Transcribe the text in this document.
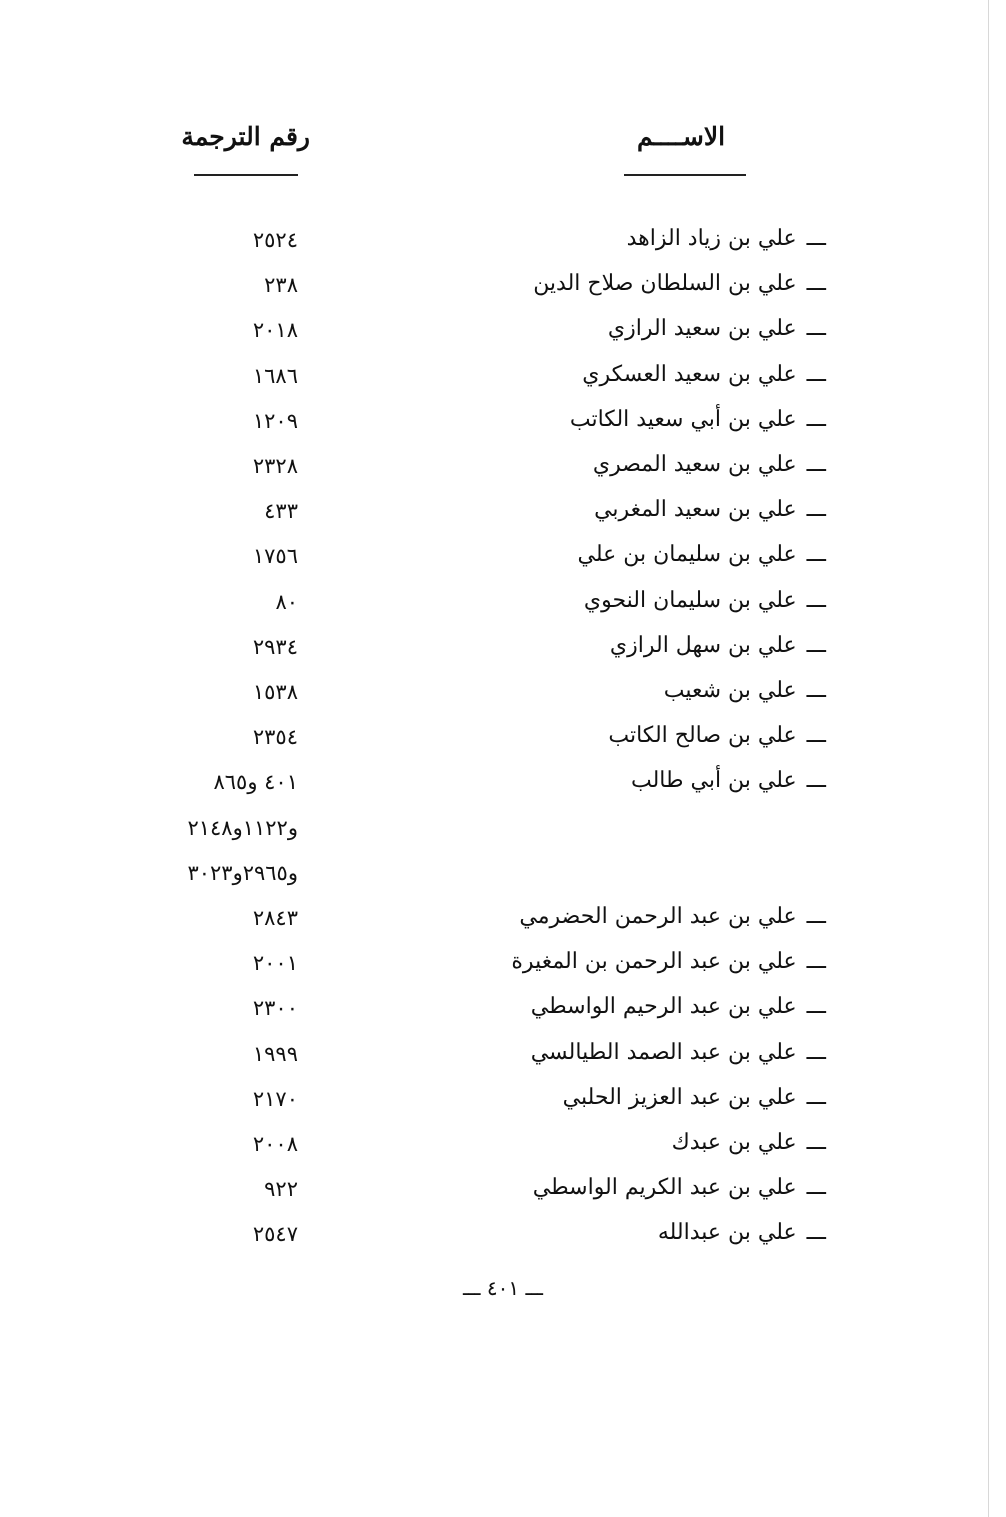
الاســــم
رقم الترجمة
ـــعلي بن زياد الزاهد
٢٥٢٤
ـــعلي بن السلطان صلاح الدين
٢٣٨
ـــعلي بن سعيد الرازي
٢٠١٨
ـــعلي بن سعيد العسكري
١٦٨٦
ـــعلي بن أبي سعيد الكاتب
١٢٠٩
ـــعلي بن سعيد المصري
٢٣٢٨
ـــعلي بن سعيد المغربي
٤٣٣
ـــعلي بن سليمان بن علي
١٧٥٦
ـــعلي بن سليمان النحوي
٨٠
ـــعلي بن سهل الرازي
٢٩٣٤
ـــعلي بن شعيب
١٥٣٨
ـــعلي بن صالح الكاتب
٢٣٥٤
ـــعلي بن أبي طالب
٤٠١ و٨٦٥
و١١٢٢و٢١٤٨
و٢٩٦٥و٣٠٢٣
ـــعلي بن عبد الرحمن الحضرمي
٢٨٤٣
ـــعلي بن عبد الرحمن بن المغيرة
٢٠٠١
ـــعلي بن عبد الرحيم الواسطي
٢٣٠٠
ـــعلي بن عبد الصمد الطيالسي
١٩٩٩
ـــعلي بن عبد العزيز الحلبي
٢١٧٠
ـــعلي بن عبدك
٢٠٠٨
ـــعلي بن عبد الكريم الواسطي
٩٢٢
ـــعلي بن عبدالله
٢٥٤٧
ـــ ٤٠١ ـــ
